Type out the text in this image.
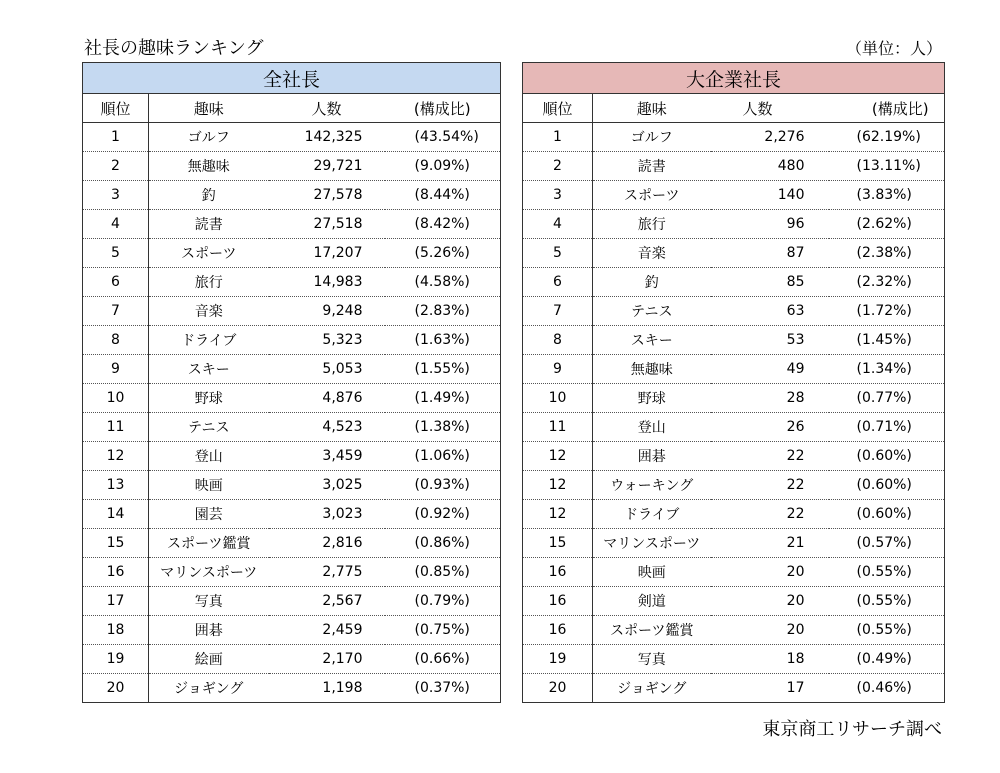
社長の趣味ランキング	（単位：人）
全社長			
順位	趣味	人数	(構成比)
1	ゴルフ	142,325	(43.54%)
2	無趣味	29,721	(9.09%)
3	釣	27,578	(8.44%)
4	読書	27,518	(8.42%)
5	スポーツ	17,207	(5.26%)
6	旅行	14,983	(4.58%)
7	音楽	9,248	(2.83%)
8	ドライブ	5,323	(1.63%)
9	スキー	5,053	(1.55%)
10	野球	4,876	(1.49%)
11	テニス	4,523	(1.38%)
12	登山	3,459	(1.06%)
13	映画	3,025	(0.93%)
14	園芸	3,023	(0.92%)
15	スポーツ鑑賞	2,816	(0.86%)
16	マリンスポーツ	2,775	(0.85%)
17	写真	2,567	(0.79%)
18	囲碁	2,459	(0.75%)
19	絵画	2,170	(0.66%)
20	ジョギング	1,198	(0.37%)
大企業社長			
順位	趣味	人数	(構成比)
1	ゴルフ	2,276	(62.19%)
2	読書	480	(13.11%)
3	スポーツ	140	(3.83%)
4	旅行	96	(2.62%)
5	音楽	87	(2.38%)
6	釣	85	(2.32%)
7	テニス	63	(1.72%)
8	スキー	53	(1.45%)
9	無趣味	49	(1.34%)
10	野球	28	(0.77%)
11	登山	26	(0.71%)
12	囲碁	22	(0.60%)
12	ウォーキング	22	(0.60%)
12	ドライブ	22	(0.60%)
15	マリンスポーツ	21	(0.57%)
16	映画	20	(0.55%)
16	剣道	20	(0.55%)
16	スポーツ鑑賞	20	(0.55%)
19	写真	18	(0.49%)
20	ジョギング	17	(0.46%)
東京商工リサーチ調べ
